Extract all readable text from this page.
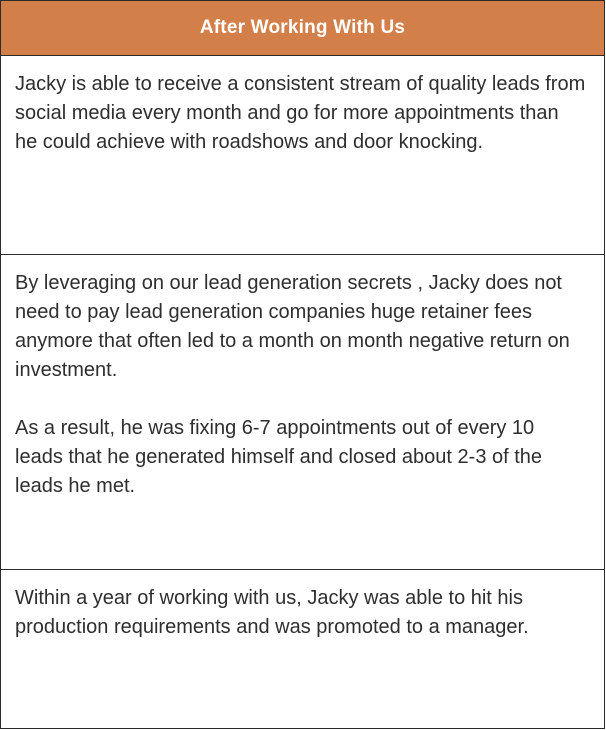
After Working With Us

Jacky is able to receive a consistent stream of quality leads from social media every month and go for more appointments than he could achieve with roadshows and door knocking.

By leveraging on our lead generation secrets , Jacky does not need to pay lead generation companies huge retainer fees anymore that often led to a month on month negative return on investment.

As a result, he was fixing 6-7 appointments out of every 10 leads that he generated himself and closed about 2-3 of the leads he met.

Within a year of working with us, Jacky was able to hit his production requirements and was promoted to a manager.
